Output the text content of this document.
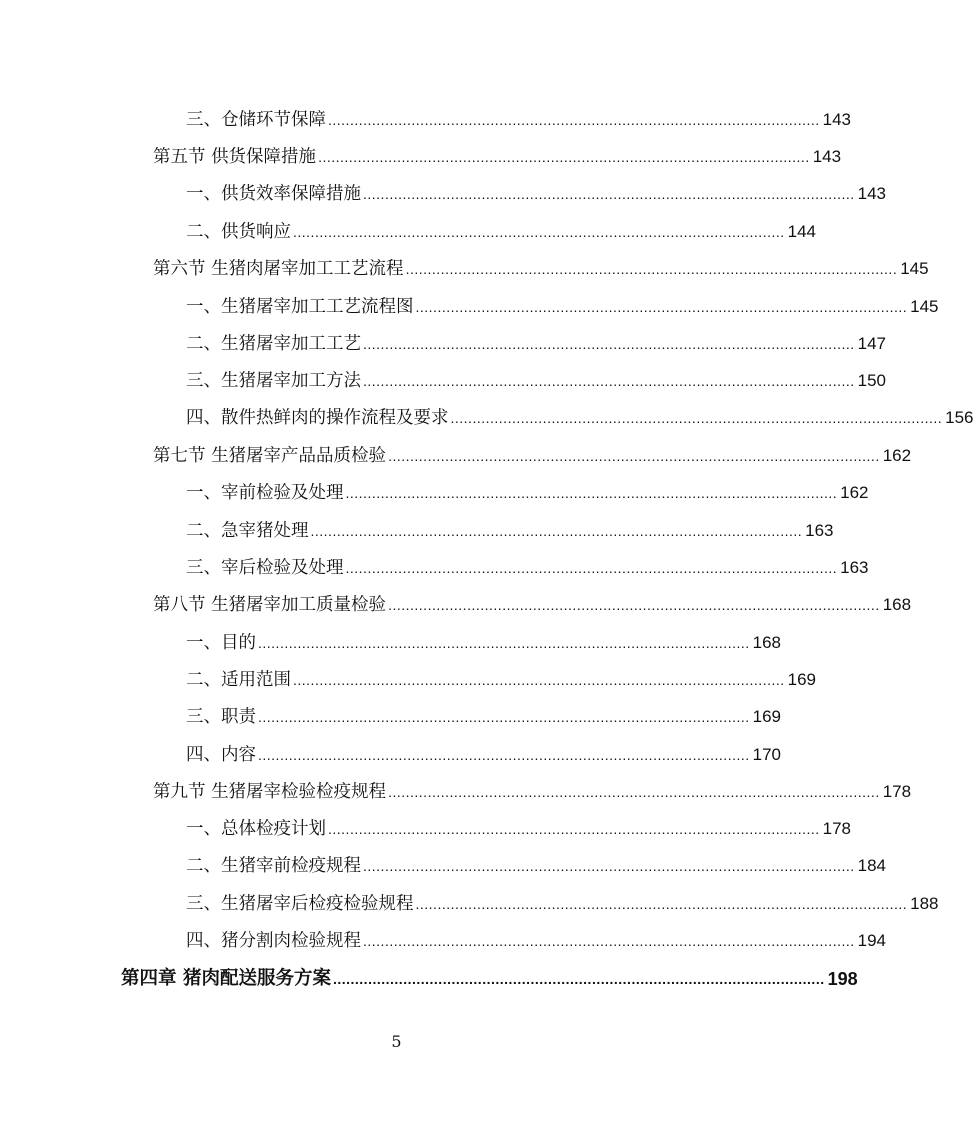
三、仓储环节保障 ................................................................................................................ 143
第五节 供货保障措施 ................................................................................................................ 143
一、供货效率保障措施 ................................................................................................................ 143
二、供货响应 ................................................................................................................ 144
第六节 生猪肉屠宰加工工艺流程 ................................................................................................................ 145
一、生猪屠宰加工工艺流程图 ................................................................................................................ 145
二、生猪屠宰加工工艺 ................................................................................................................ 147
三、生猪屠宰加工方法 ................................................................................................................ 150
四、散件热鲜肉的操作流程及要求 ................................................................................................................ 156
第七节 生猪屠宰产品品质检验 ................................................................................................................ 162
一、宰前检验及处理 ................................................................................................................ 162
二、急宰猪处理 ................................................................................................................ 163
三、宰后检验及处理 ................................................................................................................ 163
第八节 生猪屠宰加工质量检验 ................................................................................................................ 168
一、目的 ................................................................................................................ 168
二、适用范围 ................................................................................................................ 169
三、职责 ................................................................................................................ 169
四、内容 ................................................................................................................ 170
第九节 生猪屠宰检验检疫规程 ................................................................................................................ 178
一、总体检疫计划 ................................................................................................................ 178
二、生猪宰前检疫规程 ................................................................................................................ 184
三、生猪屠宰后检疫检验规程 ................................................................................................................ 188
四、猪分割肉检验规程 ................................................................................................................ 194
第四章 猪肉配送服务方案 ................................................................................................................ 198
5
